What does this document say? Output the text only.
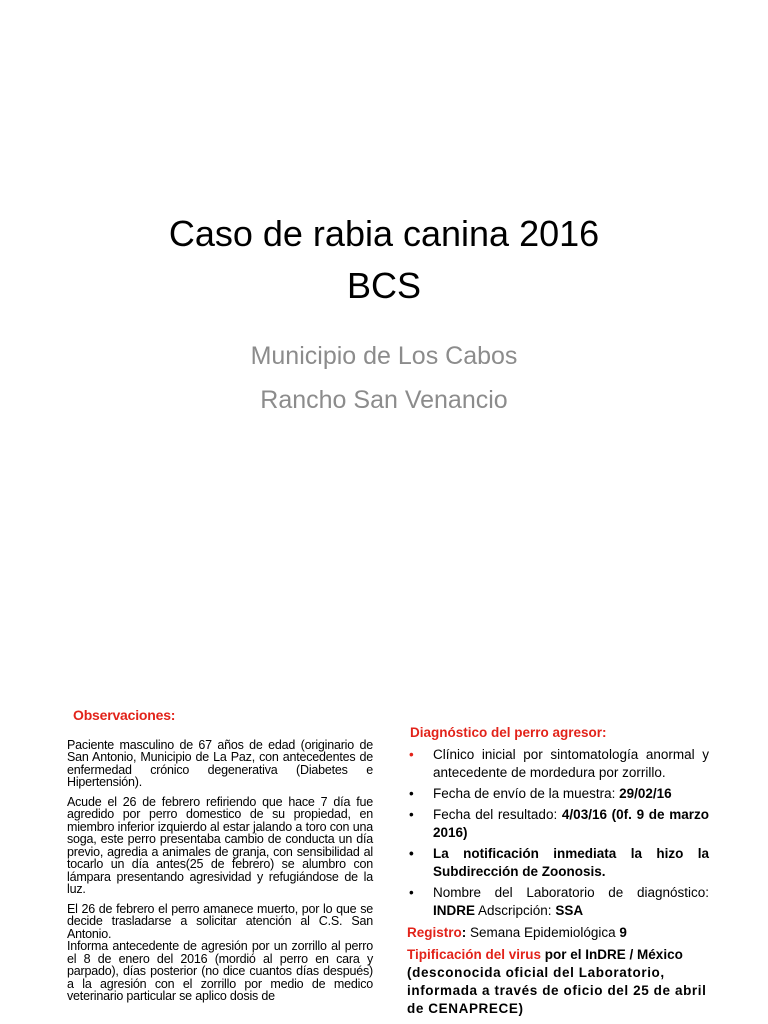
Caso de rabia canina 2016
BCS
Municipio de Los Cabos
Rancho San Venancio
Observaciones:

Paciente masculino de 67 años de edad (originario de San Antonio, Municipio de La Paz, con antecedentes de enfermedad crónico degenerativa (Diabetes e Hipertensión).

Acude el 26 de febrero refiriendo que hace 7 día fue agredido por perro domestico de su propiedad, en miembro inferior izquierdo al estar jalando a toro con una soga, este perro presentaba cambio de conducta un día previo, agredia a animales de granja, con sensibilidad al tocarlo un día antes(25 de febrero) se alumbro con lámpara presentando agresividad y refugiándose de la luz.

El 26 de febrero el perro amanece muerto, por lo que se decide trasladarse a solicitar atención al C.S. San Antonio.

Informa antecedente de agresión por un zorrillo al perro el 8 de enero del 2016 (mordió al perro en cara y parpado), días posterior (no dice cuantos días después) a la agresión con el zorrillo por medio de medico veterinario particular se aplico dosis de

Diagnóstico del perro agresor:
• Clínico inicial por sintomatología anormal y antecedente de mordedura por zorrillo.
• Fecha de envío de la muestra: 29/02/16
• Fecha del resultado: 4/03/16 (0f. 9 de marzo 2016)
• La notificación inmediata la hizo la Subdirección de Zoonosis.
• Nombre del Laboratorio de diagnóstico: INDRE Adscripción: SSA
Registro: Semana Epidemiológica 9
Tipificación del virus por el InDRE / México
(desconocida oficial del Laboratorio, informada a través de oficio del 25 de abril de CENAPRECE)
